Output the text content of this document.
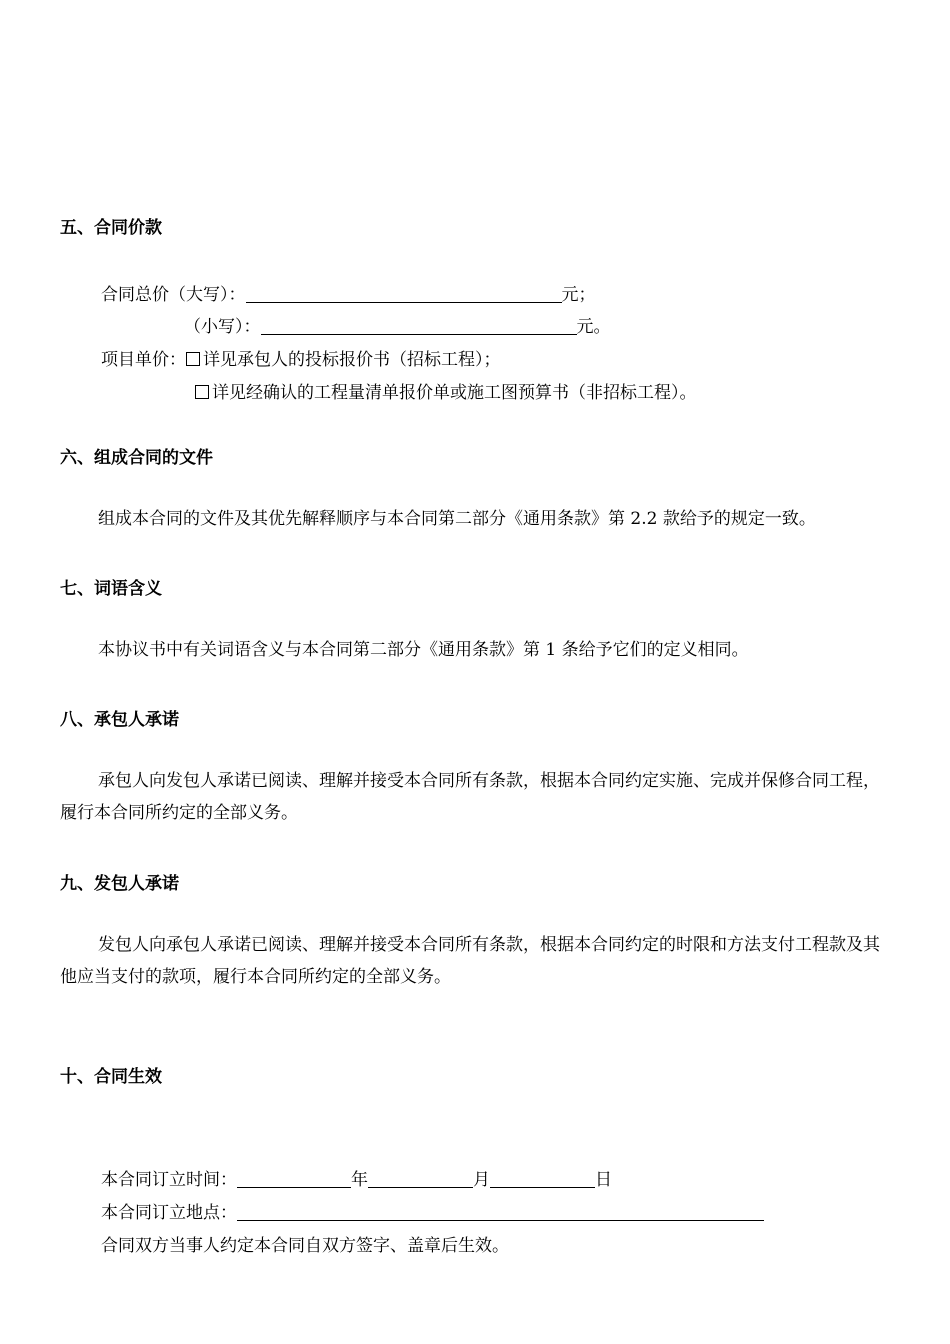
五、合同价款
合同总价（大写）：	元；
（小写）：	元。
项目单价： 详见承包人的投标报价书（招标工程）；
详见经确认的工程量清单报价单或施工图预算书（非招标工程）。
六、组成合同的文件
组成本合同的文件及其优先解释顺序与本合同第二部分《通用条款》第 2.2 款给予的规定一致。
七、词语含义
本协议书中有关词语含义与本合同第二部分《通用条款》第 1 条给予它们的定义相同。
八、承包人承诺
承包人向发包人承诺已阅读、理解并接受本合同所有条款，根据本合同约定实施、完成并保修合同工程，履行本合同所约定的全部义务。
九、发包人承诺
发包人向承包人承诺已阅读、理解并接受本合同所有条款，根据本合同约定的时限和方法支付工程款及其他应当支付的款项，履行本合同所约定的全部义务。
十、合同生效
本合同订立时间：	年	月	日
本合同订立地点：
合同双方当事人约定本合同自双方签字、盖章后生效。
